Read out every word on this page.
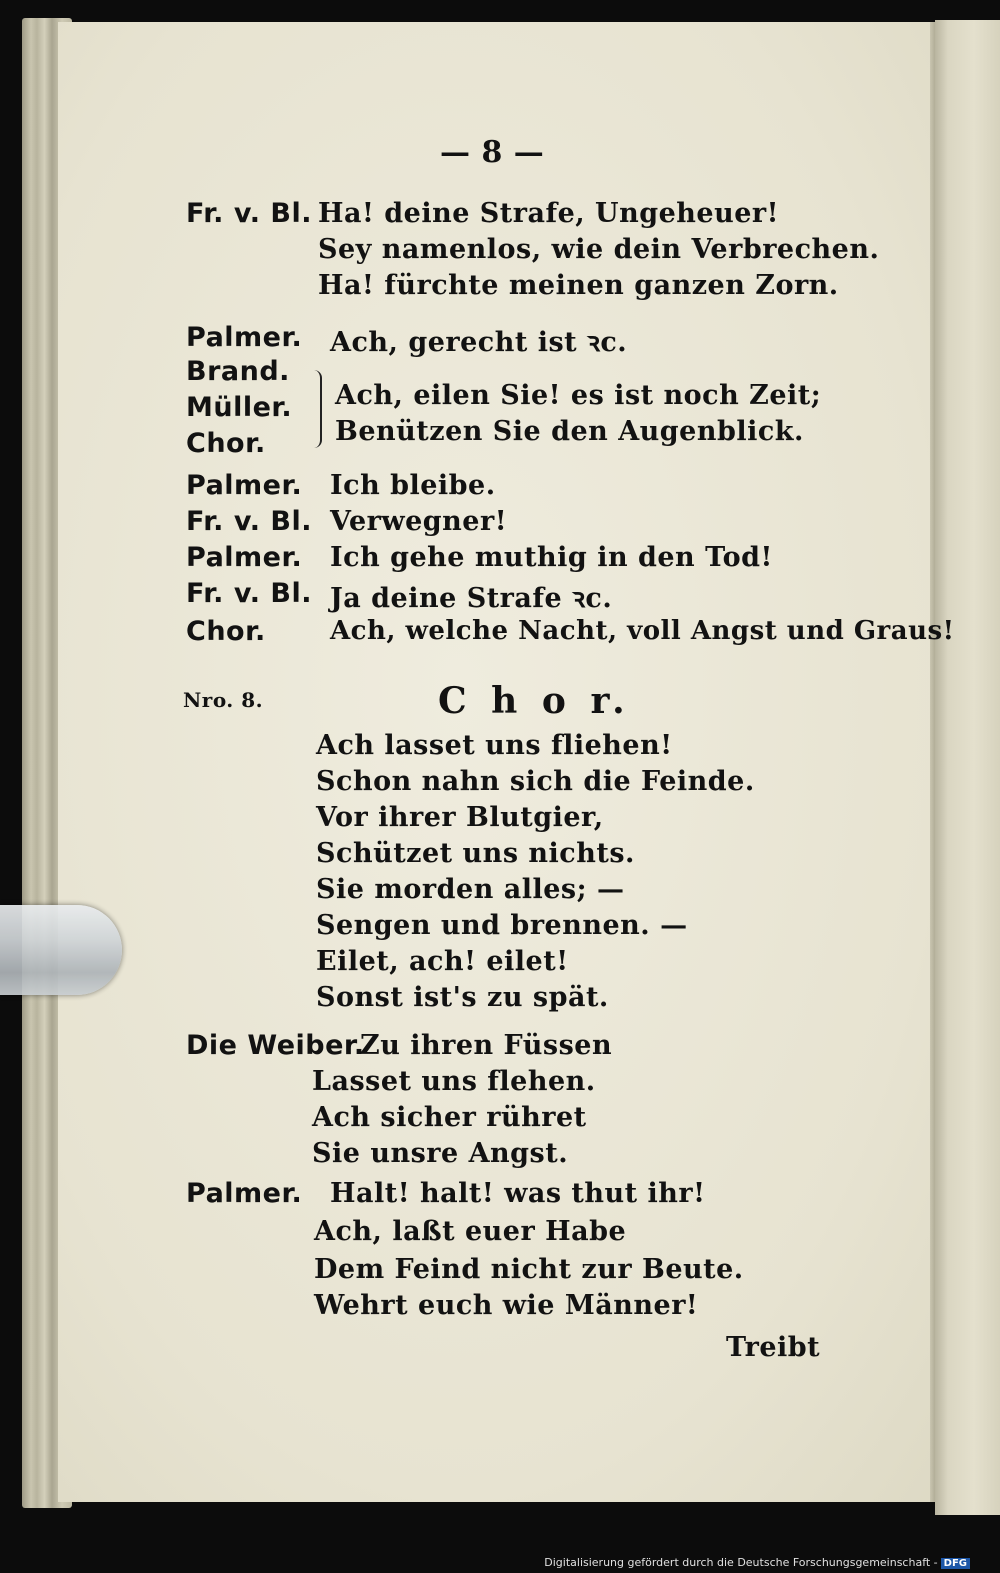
— 8 —
Fr. v. Bl. Ha! deine Strafe, Ungeheuer!
Sey namenlos, wie dein Verbrechen.
Ha! fürchte meinen ganzen Zorn.
Palmer. Ach, gerecht ist ꝛc.
Brand.
Müller.
Chor.
Ach, eilen Sie! es ist noch Zeit;
Benützen Sie den Augenblick.
Palmer. Ich bleibe.
Fr. v. Bl. Verwegner!
Palmer. Ich gehe muthig in den Tod!
Fr. v. Bl. Ja deine Strafe ꝛc.
Chor. Ach, welche Nacht, voll Angst und Graus!
Nro. 8.	C h o r.
Ach lasset uns fliehen!
Schon nahn sich die Feinde.
Vor ihrer Blutgier,
Schützet uns nichts.
Sie morden alles; —
Sengen und brennen. —
Eilet, ach! eilet!
Sonst ist's zu spät.
Die Weiber.
Zu ihren Füssen
Lasset uns flehen.
Ach sicher rühret
Sie unsre Angst.
Palmer. Halt! halt! was thut ihr!
Ach, laßt euer Habe
Dem Feind nicht zur Beute.
Wehrt euch wie Männer!
Treibt
Digitalisierung gefördert durch die Deutsche Forschungsgemeinschaft - DFG
